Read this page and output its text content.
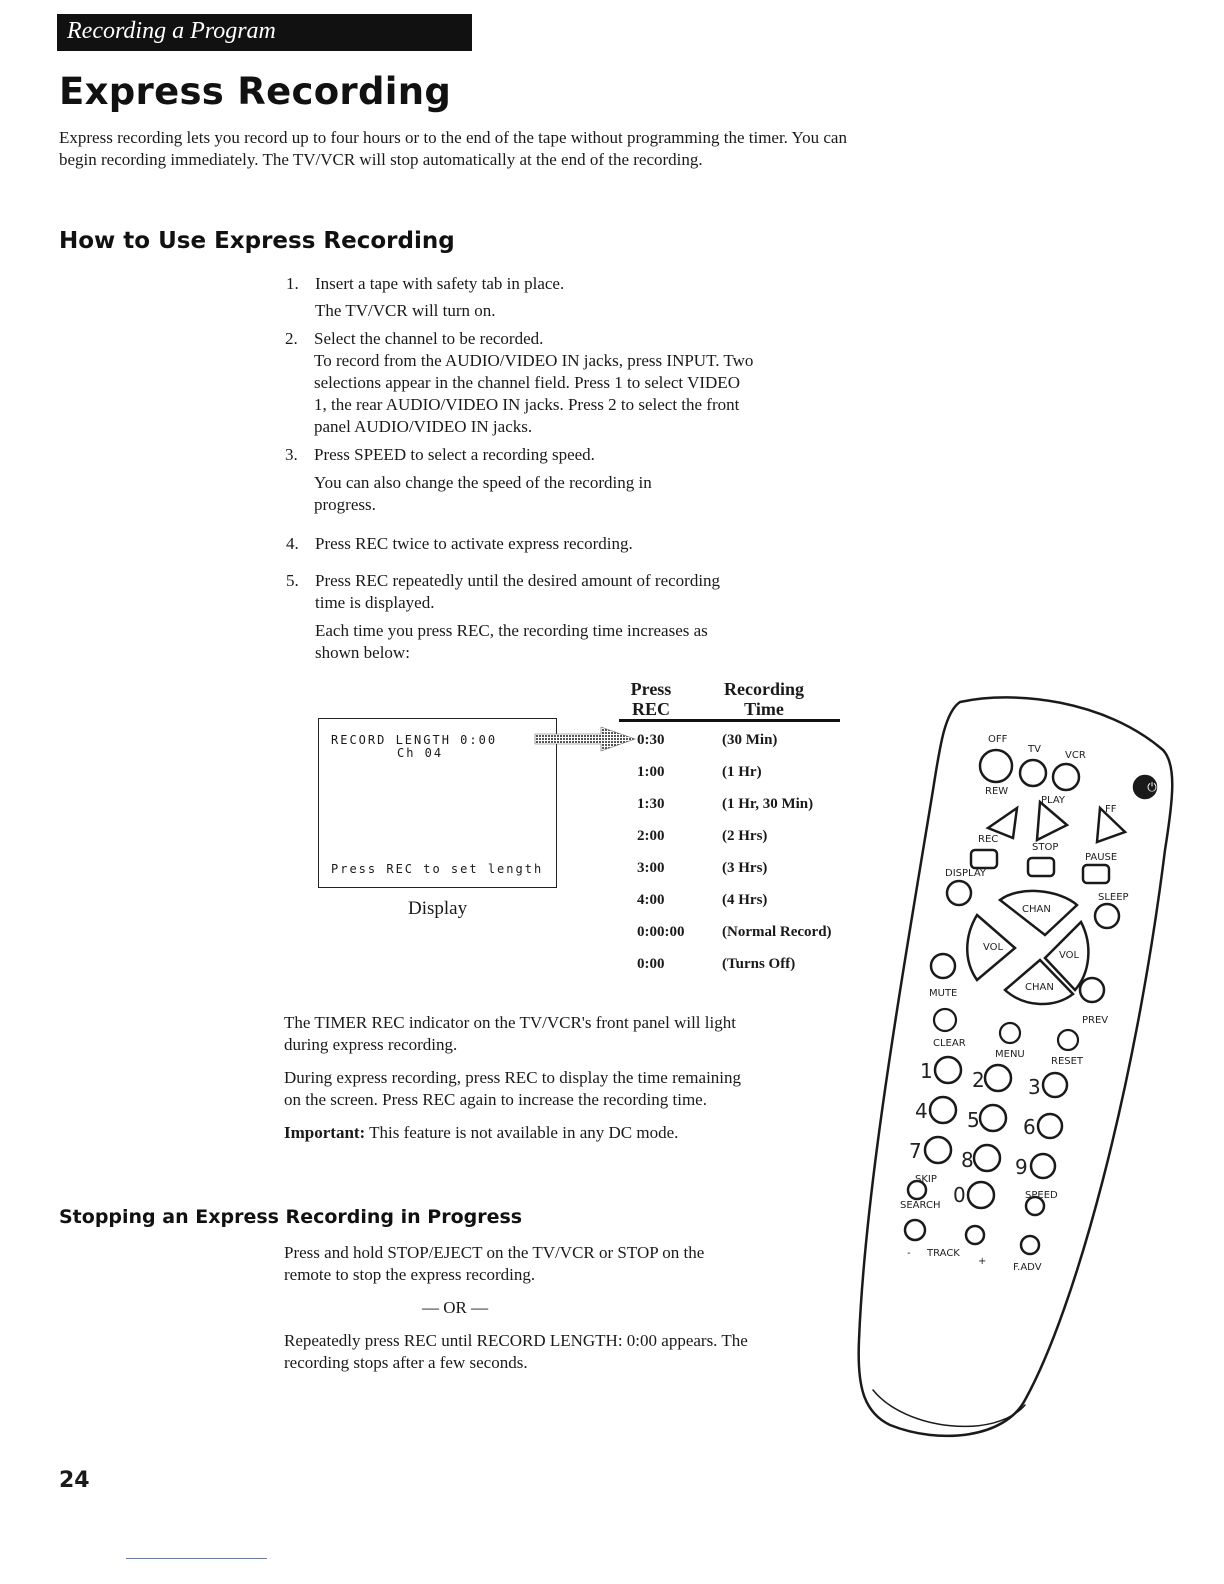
Recording a Program
Express Recording
Express recording lets you record up to four hours or to the end of the tape without programming the timer. You can begin recording immediately. The TV/VCR will stop automatically at the end of the recording.
How to Use Express Recording
1. Insert a tape with safety tab in place.

The TV/VCR will turn on.

2. Select the channel to be recorded.

To record from the AUDIO/VIDEO IN jacks, press INPUT. Two selections appear in the channel field. Press 1 to select VIDEO 1, the rear AUDIO/VIDEO IN jacks. Press 2 to select the front panel AUDIO/VIDEO IN jacks.

3. Press SPEED to select a recording speed.

You can also change the speed of the recording in progress.

4. Press REC twice to activate express recording.

5. Press REC repeatedly until the desired amount of recording time is displayed.

Each time you press REC, the recording time increases as shown below:

RECORD LENGTH 0:00
Ch 04
Press REC to set length
Display
Press
REC
Recording
Time
0:30	(30 Min)
1:00	(1 Hr)
1:30	(1 Hr, 30 Min)
2:00	(2 Hrs)
3:00	(3 Hrs)
4:00	(4 Hrs)
0:00:00	(Normal Record)
0:00	(Turns Off)

The TIMER REC indicator on the TV/VCR's front panel will light during express recording.

During express recording, press REC to display the time remaining on the screen. Press REC again to increase the recording time.

Important: This feature is not available in any DC mode.

Stopping an Express Recording in Progress

Press and hold STOP/EJECT on the TV/VCR or STOP on the remote to stop the express recording.

— OR —

Repeatedly press REC until RECORD LENGTH: 0:00 appears. The recording stops after a few seconds.

⏻
OFF
TV
VCR
REW
PLAY
FF
REC
STOP
PAUSE
DISPLAY
SLEEP
CHAN
VOL
VOL
CHAN
MUTE
PREV
CLEAR
MENU
RESET
1 2 3
4 5 6
7 8 9
0
SKIP
SEARCH
SPEED
- TRACK
+
F.ADV
24
